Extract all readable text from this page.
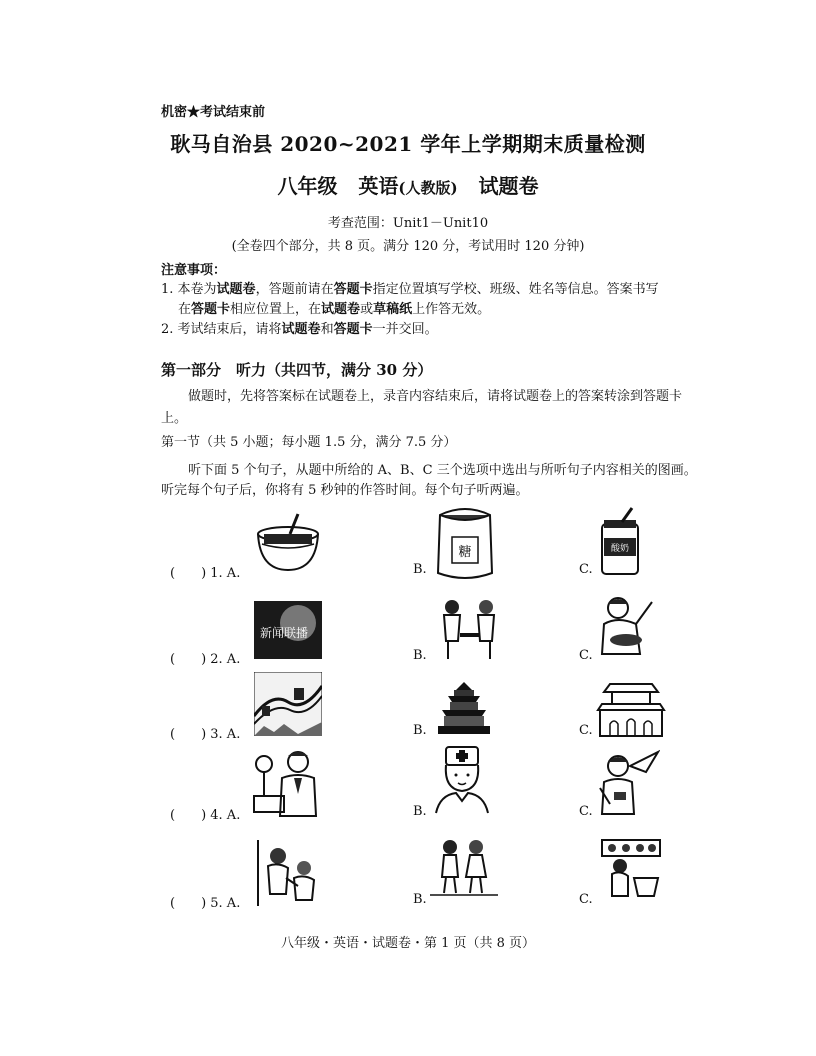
机密★考试结束前
耿马自治县 2020~2021 学年上学期期末质量检测
八年级 英语(人教版) 试题卷
考查范围：Unit1－Unit10
(全卷四个部分，共 8 页。满分 120 分，考试用时 120 分钟)
注意事项：
1. 本卷为试题卷，答题前请在答题卡指定位置填写学校、班级、姓名等信息。答案书写
在答题卡相应位置上，在试题卷或草稿纸上作答无效。
2. 考试结束后，请将试题卷和答题卡一并交回。
第一部分　听力（共四节，满分 30 分）
做题时，先将答案标在试题卷上，录音内容结束后，请将试题卷上的答案转涂到答题卡
上。
第一节（共 5 小题；每小题 1.5 分，满分 7.5 分）
听下面 5 个句子，从题中所给的 A、B、C 三个选项中选出与所听句子内容相关的图画。
听完每个句子后，你将有 5 秒钟的作答时间。每个句子听两遍。
(　　) 1. A.	B.
糖
C.
酸奶
(　　) 2. A.
新闻联播
B.	C.
(　　) 3. A.	B.	C.
(　　) 4. A.	B.	C.
(　　) 5. A.	B.	C.
八年级・英语・试题卷・第 1 页（共 8 页）
